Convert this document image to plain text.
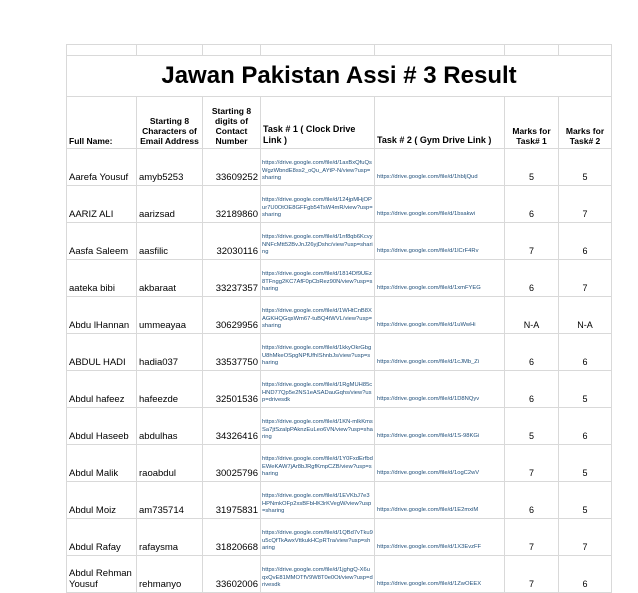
Jawan Pakistan Assi # 3 Result						
Full Name:	Starting 8 Characters of Email Address	Starting 8 digits of Contact Number	Task # 1 ( Clock Drive Link )	Task # 2 ( Gym Drive Link )	Marks for Task# 1	Marks for Task# 2
Aarefa Yousuf	amyb5253	33609252	https://drive.google.com/file/d/1axBxQfuQsWgzWbndE8ss2_oQu_AYtP-N/view?usp=sharing	https://drive.google.com/file/d/1hbIjQud	5	5
AARIZ ALI	aarizsad	32189860	https://drive.google.com/file/d/124jpMHjOPur7U0OtOE8GFFgb54TsW4mR/view?usp=sharing	https://drive.google.com/file/d/1bsakwi	6	7
Aasfa Saleem	aasfilic	32030116	https://drive.google.com/file/d/1nf8qb6KcvyNNFcMtt52BvJnJ26yjDshc/view?usp=sharing	https://drive.google.com/file/d/1lCrF4Rv	7	6
aateka bibi	akbaraat	33237357	https://drive.google.com/file/d/1814Df9UEz8TFngg2KC7AfF0pCbRez90N/view?usp=sharing	https://drive.google.com/file/d/1xmFYEG	6	7
Abdu lHannan	ummeayaa	30629956	https://drive.google.com/file/d/1WHtCnB8XAGKHQGqsWm67-tuBQ4tWVL/view?usp=sharing	https://drive.google.com/file/d/1uWwHi	N-A	N-A
ABDUL HADI	hadia037	33537750	https://drive.google.com/file/d/1kkyOkrGbgU8hMkeOSpgNPfUfhIShnbJs/view?usp=sharing	https://drive.google.com/file/d/1cJMb_Zi	6	6
Abdul hafeez	hafeezde	32501536	https://drive.google.com/file/d/1RgMUH85cHND77Qp5e2NS1eASADauGqhs/view?usp=drivesdk	https://drive.google.com/file/d/1D8NQyv	6	5
Abdul Haseeb	abdulhas	34326416	https://drive.google.com/file/d/1KN-mlkKmsSa7jtSzaIpPAknzEuLeo6VN/view?usp=sharing	https://drive.google.com/file/d/1S-98KGi	5	6
Abdul Malik	raoabdul	30025796	https://drive.google.com/file/d/1Y0FxdErfbdEWeKAW7jAr8bJRgfKmpCZB/view?usp=sharing	https://drive.google.com/file/d/1ogC2wV	7	5
Abdul Moiz	am735714	31975831	https://drive.google.com/file/d/1EVKbJ7e3HPNmkOFp2xsBFbHK3rKVegW/view?usp=sharing	https://drive.google.com/file/d/1E2mxiM	6	5
Abdul Rafay	rafaysma	31820668	https://drive.google.com/file/d/1QBd7vTku9u5cQfTkAwxVttkukHCpRTra/view?usp=sharing	https://drive.google.com/file/d/1X3EvzFF	7	7
Abdul Rehman Yousuf	rehmanyo	33602006	https://drive.google.com/file/d/1jghgQ-X6uqxQvE81MMOTfV9W8T0e0Ot/view?usp=drivesdk	https://drive.google.com/file/d/1ZwOEEX	7	6
